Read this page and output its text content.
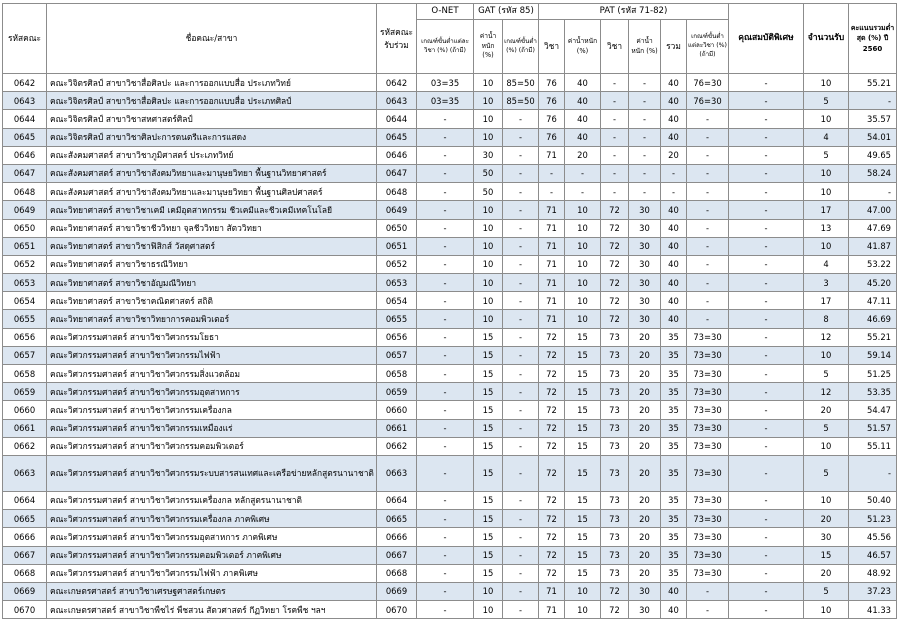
รหัสคณะ	ชื่อคณะ/สาขา	รหัสคณะรับร่วม	O-NET	GAT (รหัส 85)		PAT (รหัส 71-82)						คุณสมบัติพิเศษ	จำนวนรับ	คะแนนรวมต่ำสุด (%) ปี 2560
			เกณฑ์ขั้นต่ำแต่ละวิชา (%) (ถ้ามี)	ค่าน้ำหนัก (%)	เกณฑ์ขั้นต่ำ (%) (ถ้ามี)	วิชา	ค่าน้ำหนัก (%)	วิชา	ค่าน้ำหนัก (%)	รวม	เกณฑ์ขั้นต่ำแต่ละวิชา (%) (ถ้ามี)			
0642	คณะวิจิตรศิลป์ สาขาวิชาสื่อศิลปะ และการออกแบบสื่อ ประเภทวิทย์	0642	03=35	10	85=50	76	40	-	-	40	76=30	-	10	55.21
0643	คณะวิจิตรศิลป์ สาขาวิชาสื่อศิลปะ และการออกแบบสื่อ ประเภทศิลป์	0643	03=35	10	85=50	76	40	-	-	40	76=30	-	5	-
0644	คณะวิจิตรศิลป์ สาขาวิชาสหศาสตร์ศิลป์	0644	-	10	-	76	40	-	-	40	-	-	10	35.57
0645	คณะวิจิตรศิลป์ สาขาวิชาศิลปะการดนตรีและการแสดง	0645	-	10	-	76	40	-	-	40	-	-	4	54.01
0646	คณะสังคมศาสตร์ สาขาวิชาภูมิศาสตร์ ประเภทวิทย์	0646	-	30	-	71	20	-	-	20	-	-	5	49.65
0647	คณะสังคมศาสตร์ สาขาวิชาสังคมวิทยาและมานุษยวิทยา พื้นฐานวิทยาศาสตร์	0647	-	50	-	-	-	-	-	-	-	-	10	58.24
0648	คณะสังคมศาสตร์ สาขาวิชาสังคมวิทยาและมานุษยวิทยา พื้นฐานศิลปศาสตร์	0648	-	50	-	-	-	-	-	-	-	-	10	-
0649	คณะวิทยาศาสตร์ สาขาวิชาเคมี เคมีอุตสาหกรรม ชีวเคมีและชีวเคมีเทคโนโลยี	0649	-	10	-	71	10	72	30	40	-	-	17	47.00
0650	คณะวิทยาศาสตร์ สาขาวิชาชีววิทยา จุลชีววิทยา สัตววิทยา	0650	-	10	-	71	10	72	30	40	-	-	13	47.69
0651	คณะวิทยาศาสตร์ สาขาวิชาฟิสิกส์ วัสดุศาสตร์	0651	-	10	-	71	10	72	30	40	-	-	10	41.87
0652	คณะวิทยาศาสตร์ สาขาวิชาธรณีวิทยา	0652	-	10	-	71	10	72	30	40	-	-	4	53.22
0653	คณะวิทยาศาสตร์ สาขาวิชาอัญมณีวิทยา	0653	-	10	-	71	10	72	30	40	-	-	3	45.20
0654	คณะวิทยาศาสตร์ สาขาวิชาคณิตศาสตร์ สถิติ	0654	-	10	-	71	10	72	30	40	-	-	17	47.11
0655	คณะวิทยาศาสตร์ สาขาวิชาวิทยาการคอมพิวเตอร์	0655	-	10	-	71	10	72	30	40	-	-	8	46.69
0656	คณะวิศวกรรมศาสตร์ สาขาวิชาวิศวกรรมโยธา	0656	-	15	-	72	15	73	20	35	73=30	-	12	55.21
0657	คณะวิศวกรรมศาสตร์ สาขาวิชาวิศวกรรมไฟฟ้า	0657	-	15	-	72	15	73	20	35	73=30	-	10	59.14
0658	คณะวิศวกรรมศาสตร์ สาขาวิชาวิศวกรรมสิ่งแวดล้อม	0658	-	15	-	72	15	73	20	35	73=30	-	5	51.25
0659	คณะวิศวกรรมศาสตร์ สาขาวิชาวิศวกรรมอุตสาหการ	0659	-	15	-	72	15	73	20	35	73=30	-	12	53.35
0660	คณะวิศวกรรมศาสตร์ สาขาวิชาวิศวกรรมเครื่องกล	0660	-	15	-	72	15	73	20	35	73=30	-	20	54.47
0661	คณะวิศวกรรมศาสตร์ สาขาวิชาวิศวกรรมเหมืองแร่	0661	-	15	-	72	15	73	20	35	73=30	-	5	51.57
0662	คณะวิศวกรรมศาสตร์ สาขาวิชาวิศวกรรมคอมพิวเตอร์	0662	-	15	-	72	15	73	20	35	73=30	-	10	55.11
0663	คณะวิศวกรรมศาสตร์ สาขาวิชาวิศวกรรมระบบสารสนเทศและเครือข่ายหลักสูตรนานาชาติ	0663	-	15	-	72	15	73	20	35	73=30	-	5	-
0664	คณะวิศวกรรมศาสตร์ สาขาวิชาวิศวกรรมเครื่องกล หลักสูตรนานาชาติ	0664	-	15	-	72	15	73	20	35	73=30	-	10	50.40
0665	คณะวิศวกรรมศาสตร์ สาขาวิชาวิศวกรรมเครื่องกล ภาคพิเศษ	0665	-	15	-	72	15	73	20	35	73=30	-	20	51.23
0666	คณะวิศวกรรมศาสตร์ สาขาวิชาวิศวกรรมอุตสาหการ ภาคพิเศษ	0666	-	15	-	72	15	73	20	35	73=30	-	30	45.56
0667	คณะวิศวกรรมศาสตร์ สาขาวิชาวิศวกรรมคอมพิวเตอร์ ภาคพิเศษ	0667	-	15	-	72	15	73	20	35	73=30	-	15	46.57
0668	คณะวิศวกรรมศาสตร์ สาขาวิชาวิศวกรรมไฟฟ้า ภาคพิเศษ	0668	-	15	-	72	15	73	20	35	73=30	-	20	48.92
0669	คณะเกษตรศาสตร์ สาขาวิชาเศรษฐศาสตร์เกษตร	0669	-	10	-	71	10	72	30	40	-	-	5	37.23
0670	คณะเกษตรศาสตร์ สาขาวิชาพืชไร่ พืชสวน สัตวศาสตร์ กีฏวิทยา โรคพืช ฯลฯ	0670	-	10	-	71	10	72	30	40	-	-	10	41.33
